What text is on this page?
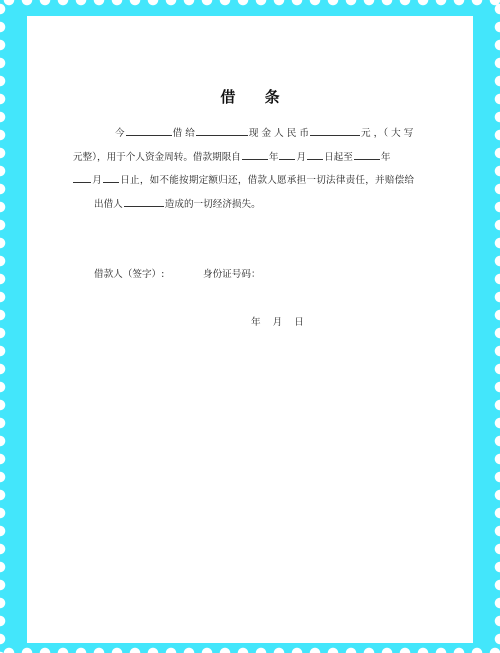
借 条

今	借 给	现 金 人 民 币	元 ，（ 大 写
元整），用于个人资金周转。借款期限自	年 月 日起至	年
月 日止，如不能按期定额归还，借款人愿承担一切法律责任，并赔偿给出借人	造成的一切经济损失。

借款人（签字）:	身份证号码：
年 月 日
